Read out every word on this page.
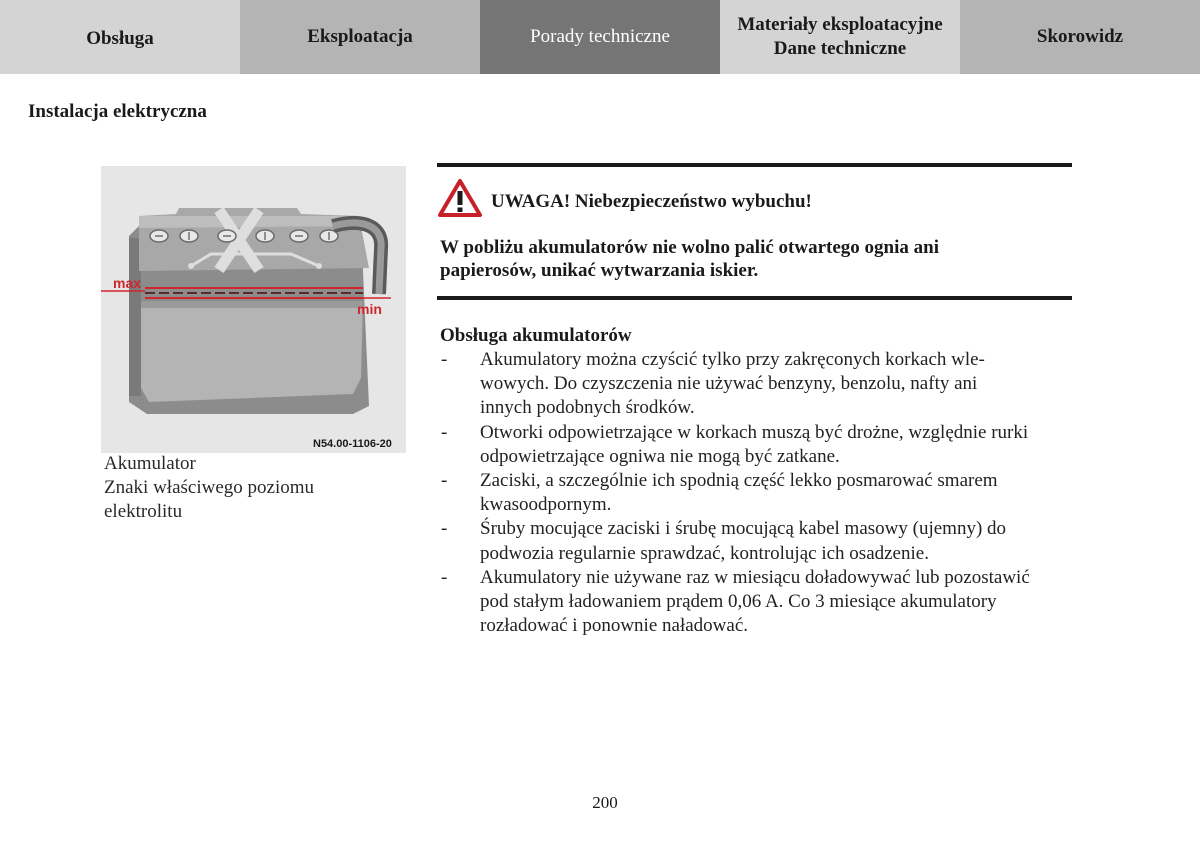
Obsługa	Eksploatacja	Porady techniczne
Materiały eksploatacyjne
Dane techniczne
Skorowidz
Instalacja elektryczna
max
min
N54.00-1106-20
Akumulator
Znaki właściwego poziomu
elektrolitu
UWAGA! Niebezpieczeństwo wybuchu!
W pobliżu akumulatorów nie wolno palić otwartego ognia ani
papierosów, unikać wytwarzania iskier.
Obsługa akumulatorów
- Akumulatory można czyścić tylko przy zakręconych korkach wle-
wowych. Do czyszczenia nie używać benzyny, benzolu, nafty ani
innych podobnych środków.
- Otworki odpowietrzające w korkach muszą być drożne, względnie rurki
odpowietrzające ogniwa nie mogą być zatkane.
- Zaciski, a szczególnie ich spodnią część lekko posmarować smarem
kwasoodpornym.
- Śruby mocujące zaciski i śrubę mocującą kabel masowy (ujemny) do
podwozia regularnie sprawdzać, kontrolując ich osadzenie.
- Akumulatory nie używane raz w miesiącu doładowywać lub pozostawić
pod stałym ładowaniem prądem 0,06 A. Co 3 miesiące akumulatory
rozładować i ponownie naładować.
200
